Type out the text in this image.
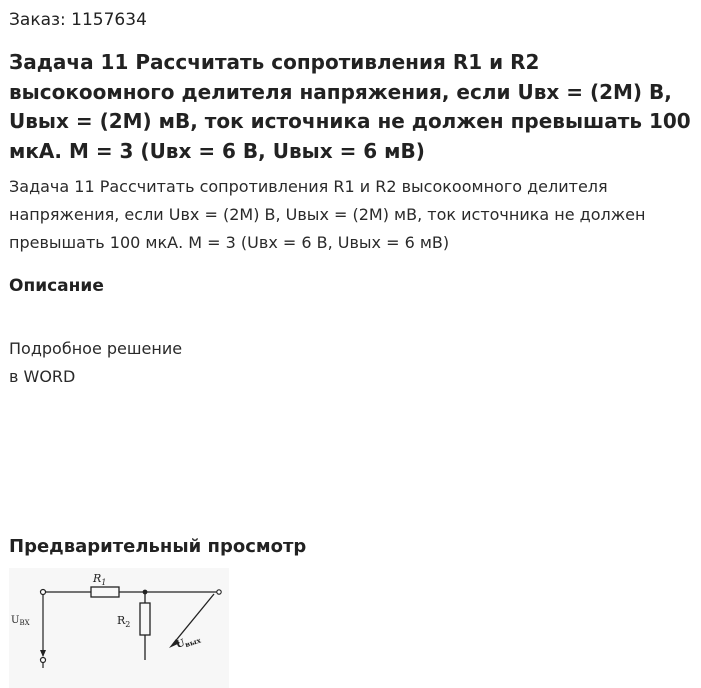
Заказ: 1157634
Задача 11 Рассчитать сопротивления R1 и R2 высокоомного делителя напряжения, если Uвх = (2M) В, Uвых = (2M) мВ, ток источника не должен превышать 100 мкА. М = 3 (Uвх = 6 В, Uвых = 6 мВ)

Задача 11 Рассчитать сопротивления R1 и R2 высокоомного делителя напряжения, если Uвх = (2M) В, Uвых = (2M) мВ, ток источника не должен превышать 100 мкА. М = 3 (Uвх = 6 В, Uвых = 6 мВ)

Описание
Подробное решение
в WORD
Предварительный просмотр
$R_1$
$R_2$
$U_{ВХ}$
$U_{вых}$
